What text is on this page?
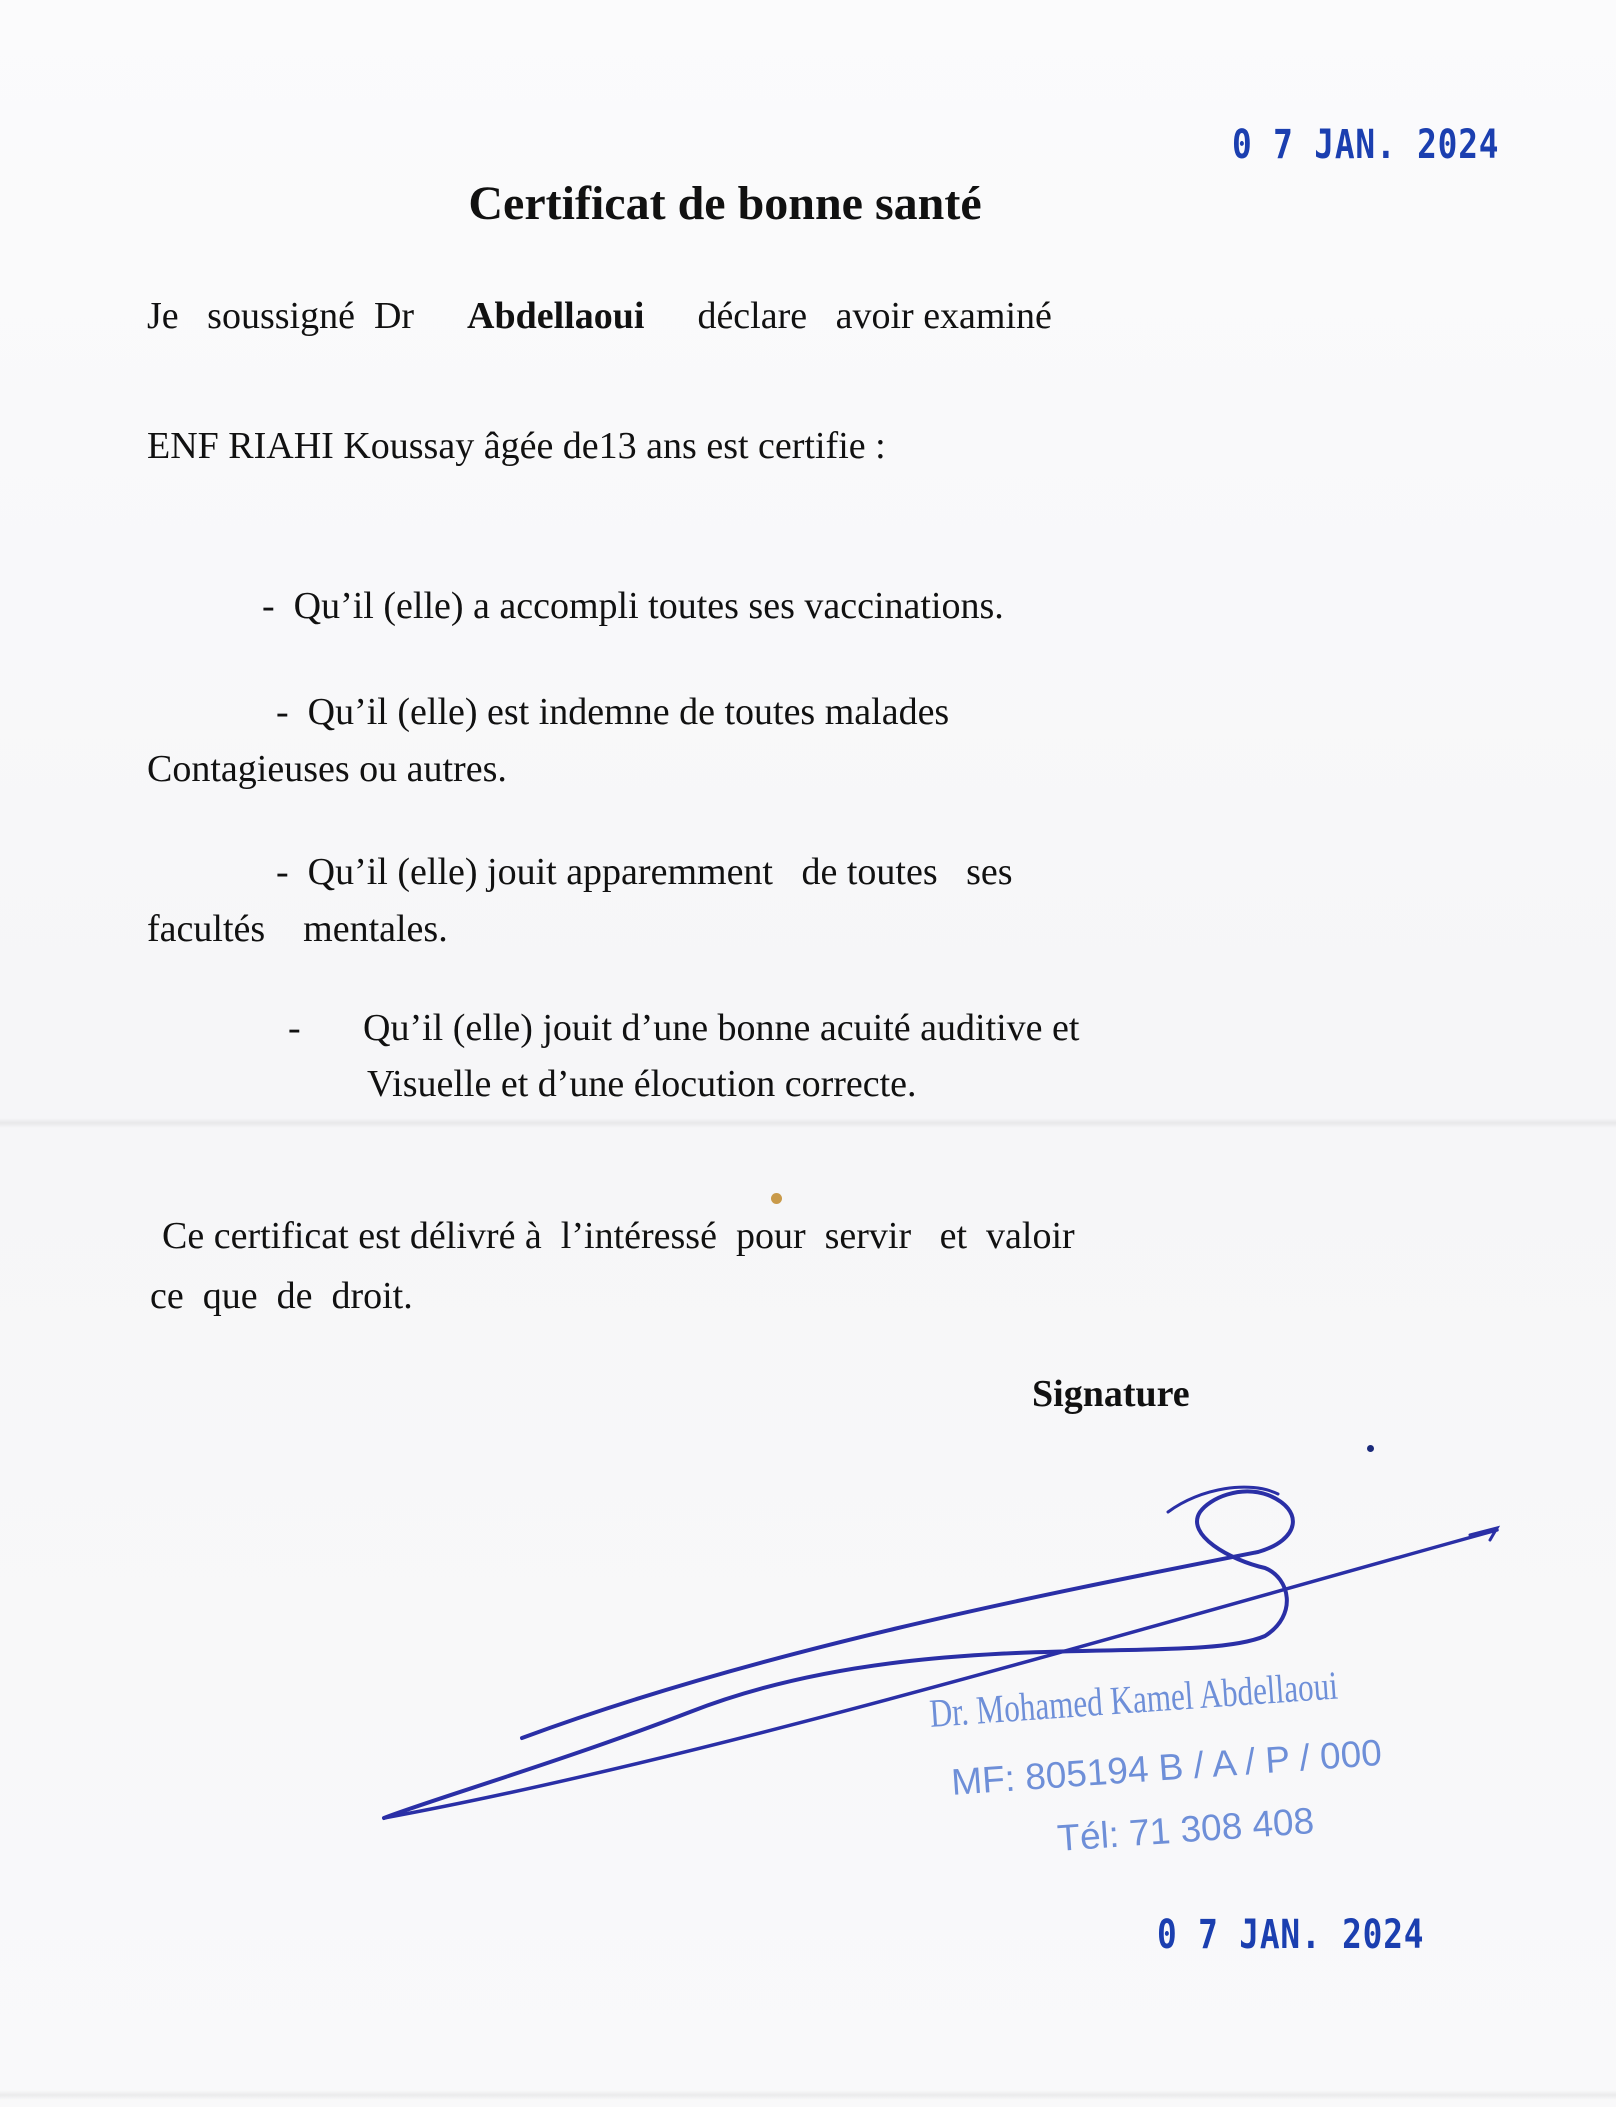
0 7 JAN. 2024
Certificat de bonne santé
Je   soussigné  Dr Abdellaoui déclare   avoir examiné
ENF RIAHI Koussay âgée de13 ans est certifie :
-  Qu’il (elle) a accompli toutes ses vaccinations.
-  Qu’il (elle) est indemne de toutes malades
Contagieuses ou autres.
-  Qu’il (elle) jouit apparemment   de toutes   ses
facultés    mentales.
- Qu’il (elle) jouit d’une bonne acuité auditive et
Visuelle et d’une élocution correcte.
Ce certificat est délivré à  l’intéressé  pour  servir   et  valoir
ce  que  de  droit.
Signature
Dr. Mohamed Kamel Abdellaoui
MF: 805194 B / A / P / 000
Tél: 71 308 408
0 7 JAN. 2024
